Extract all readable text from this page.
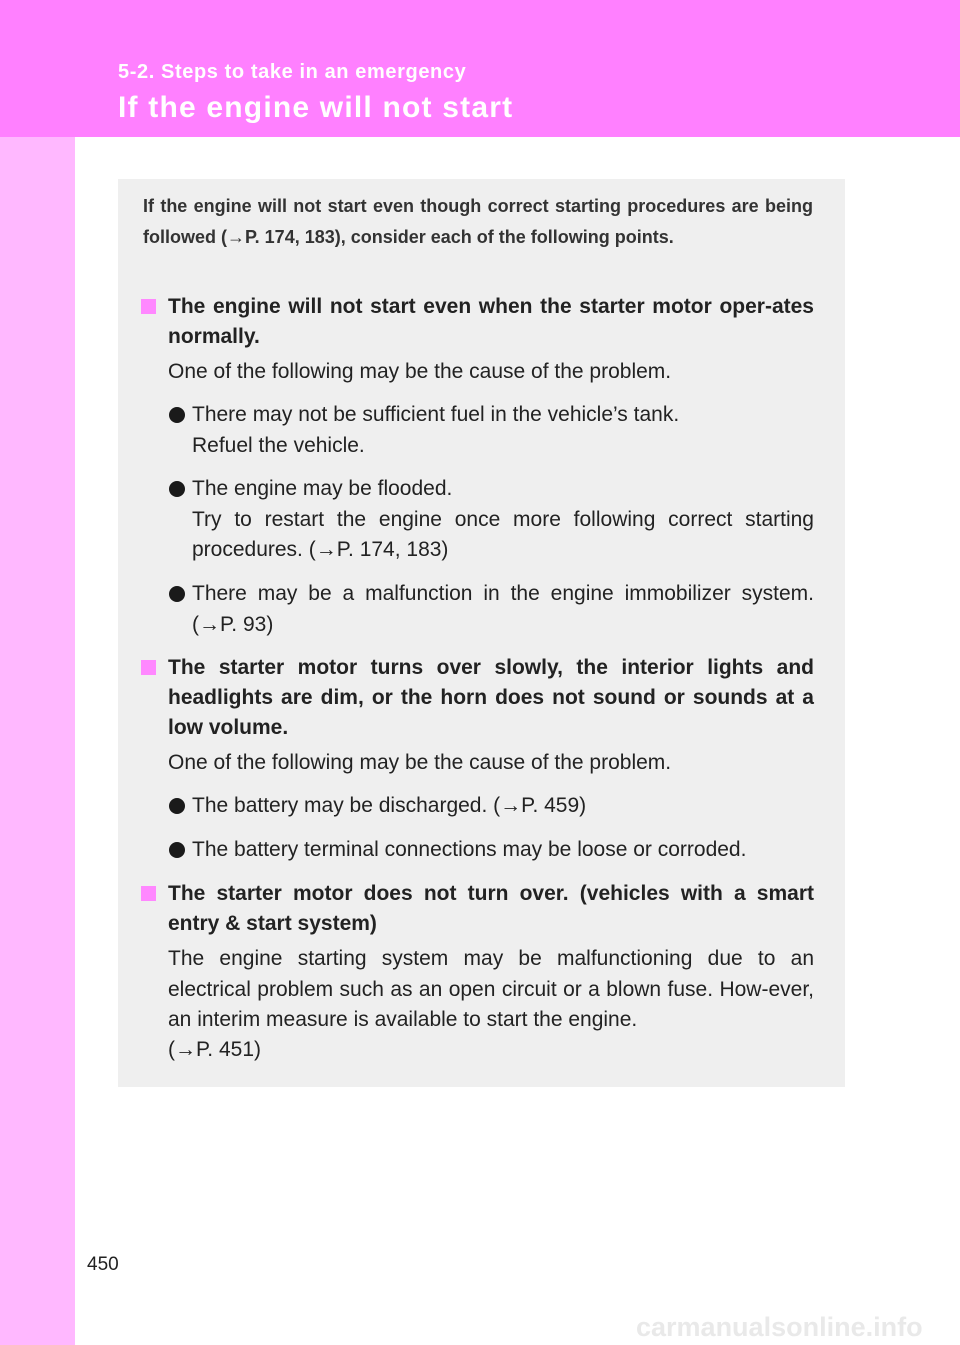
5-2. Steps to take in an emergency
If the engine will not start

If the engine will not start even though correct starting procedures are being followed (→P. 174, 183), consider each of the following points.

The engine will not start even when the starter motor oper-ates normally.

One of the following may be the cause of the problem.

There may not be sufficient fuel in the vehicle’s tank.
Refuel the vehicle.
The engine may be flooded.
Try to restart the engine once more following correct starting procedures. (→P. 174, 183)
There may be a malfunction in the engine immobilizer system. (→P. 93)
The starter motor turns over slowly, the interior lights and headlights are dim, or the horn does not sound or sounds at a low volume.

One of the following may be the cause of the problem.

The battery may be discharged. (→P. 459)
The battery terminal connections may be loose or corroded.
The starter motor does not turn over. (vehicles with a smart entry & start system)

The engine starting system may be malfunctioning due to an electrical problem such as an open circuit or a blown fuse. How-ever, an interim measure is available to start the engine.

(→P. 451)

450
carmanualsonline.info
